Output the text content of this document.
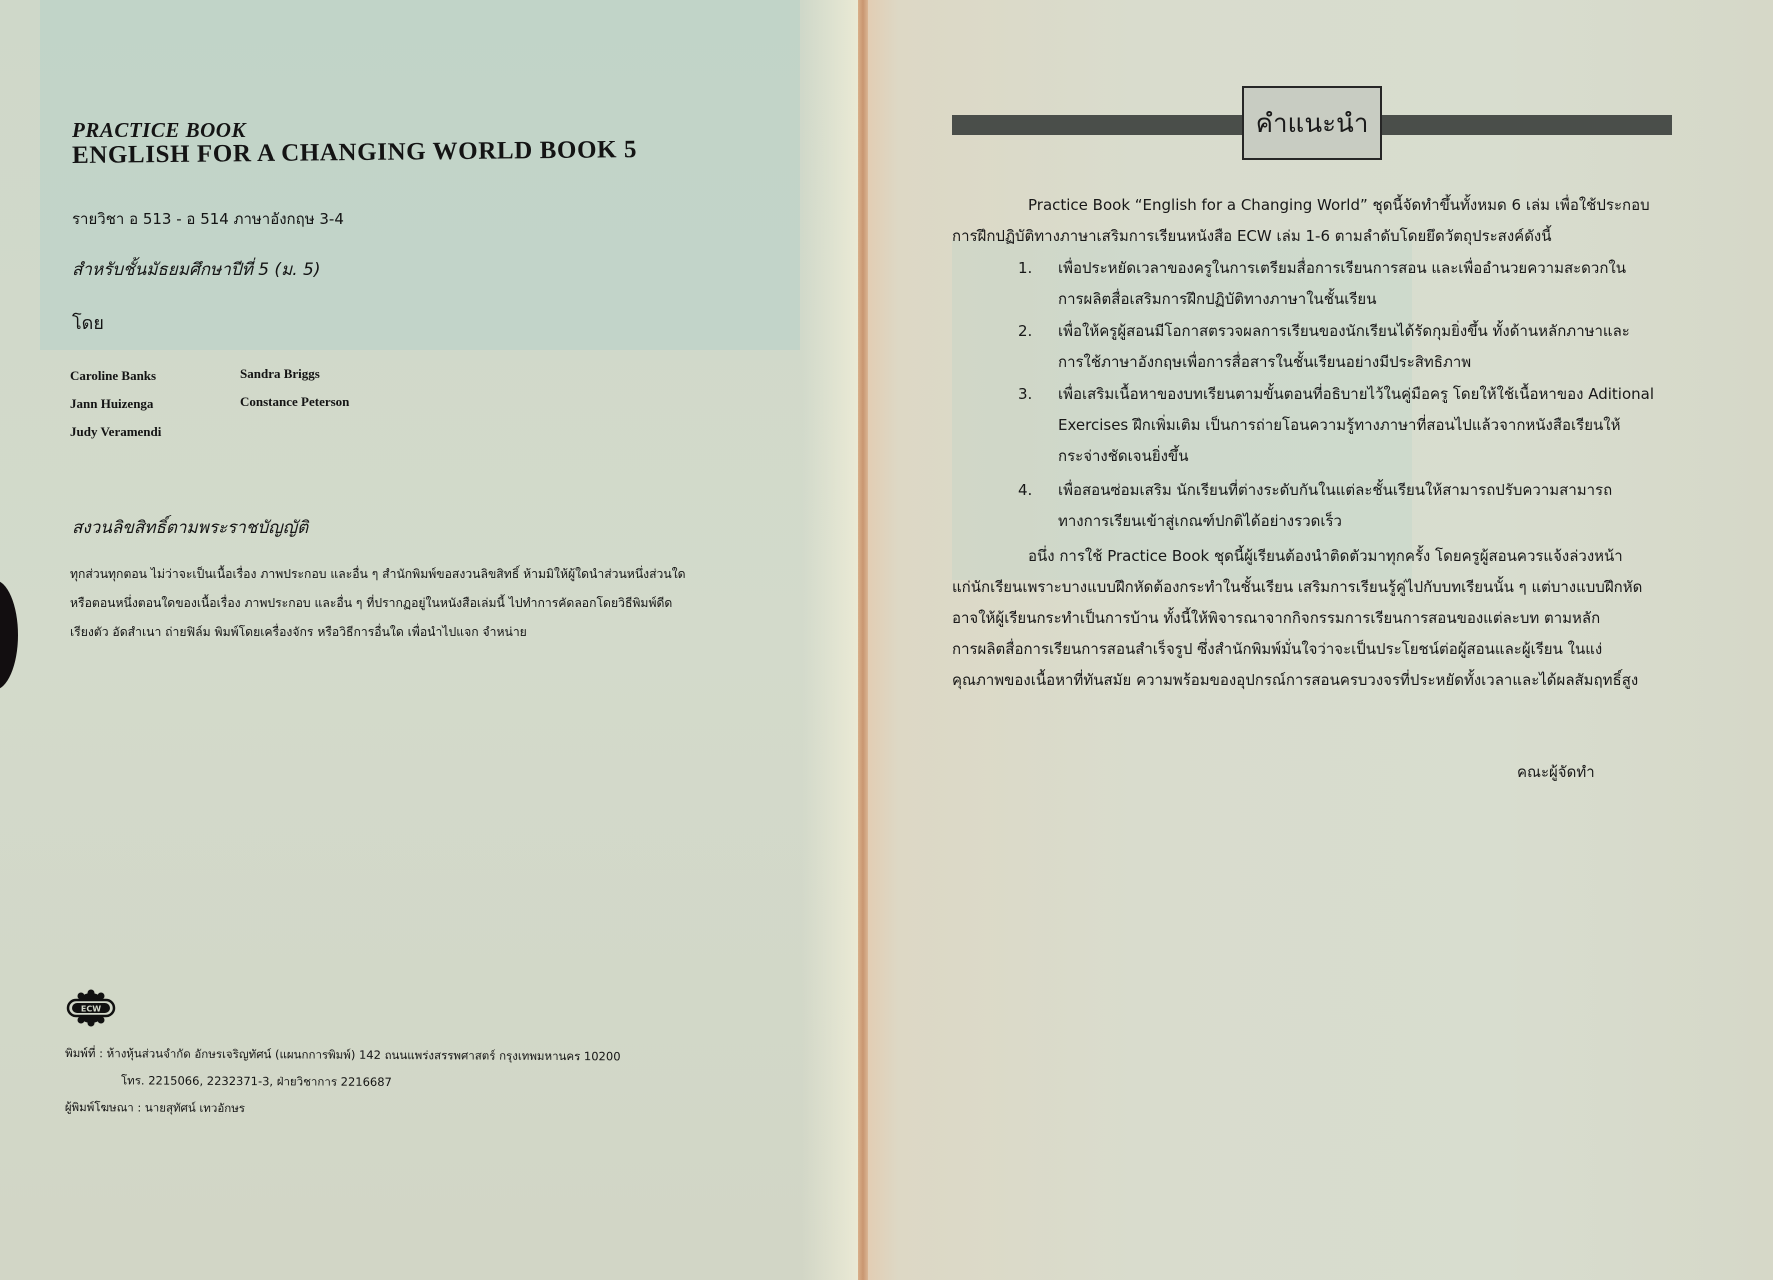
PRACTICE BOOK
ENGLISH FOR A CHANGING WORLD BOOK 5
รายวิชา อ 513 - อ 514 ภาษาอังกฤษ 3-4
สำหรับชั้นมัธยมศึกษาปีที่ 5 (ม. 5)
โดย
Caroline Banks
Jann Huizenga
Judy Veramendi
Sandra Briggs
Constance Peterson
สงวนลิขสิทธิ์ตามพระราชบัญญัติ
ทุกส่วนทุกตอน ไม่ว่าจะเป็นเนื้อเรื่อง ภาพประกอบ และอื่น ๆ สำนักพิมพ์ขอสงวนลิขสิทธิ์ ห้ามมิให้ผู้ใดนำส่วนหนึ่งส่วนใด
หรือตอนหนึ่งตอนใดของเนื้อเรื่อง ภาพประกอบ และอื่น ๆ ที่ปรากฏอยู่ในหนังสือเล่มนี้ ไปทำการคัดลอกโดยวิธีพิมพ์ดีด
เรียงตัว อัดสำเนา ถ่ายฟิล์ม พิมพ์โดยเครื่องจักร หรือวิธีการอื่นใด เพื่อนำไปแจก จำหน่าย
ECW
พิมพ์ที่ : ห้างหุ้นส่วนจำกัด อักษรเจริญทัศน์ (แผนกการพิมพ์) 142 ถนนแพร่งสรรพศาสตร์ กรุงเทพมหานคร 10200
โทร. 2215066, 2232371-3, ฝ่ายวิชาการ 2216687
ผู้พิมพ์โฆษณา : นายสุทัศน์ เทวอักษร
คำแนะนำ
Practice Book “English for a Changing World” ชุดนี้จัดทำขึ้นทั้งหมด 6 เล่ม เพื่อใช้ประกอบ
การฝึกปฏิบัติทางภาษาเสริมการเรียนหนังสือ ECW เล่ม 1-6 ตามลำดับโดยยึดวัตถุประสงค์ดังนี้
1.	เพื่อประหยัดเวลาของครูในการเตรียมสื่อการเรียนการสอน และเพื่ออำนวยความสะดวกใน
การผลิตสื่อเสริมการฝึกปฏิบัติทางภาษาในชั้นเรียน
2.	เพื่อให้ครูผู้สอนมีโอกาสตรวจผลการเรียนของนักเรียนได้รัดกุมยิ่งขึ้น ทั้งด้านหลักภาษาและ
การใช้ภาษาอังกฤษเพื่อการสื่อสารในชั้นเรียนอย่างมีประสิทธิภาพ
3.	เพื่อเสริมเนื้อหาของบทเรียนตามขั้นตอนที่อธิบายไว้ในคู่มือครู โดยให้ใช้เนื้อหาของ Aditional
Exercises ฝึกเพิ่มเติม เป็นการถ่ายโอนความรู้ทางภาษาที่สอนไปแล้วจากหนังสือเรียนให้
กระจ่างชัดเจนยิ่งขึ้น
4.	เพื่อสอนซ่อมเสริม นักเรียนที่ต่างระดับกันในแต่ละชั้นเรียนให้สามารถปรับความสามารถ
ทางการเรียนเข้าสู่เกณฑ์ปกติได้อย่างรวดเร็ว
อนึ่ง การใช้ Practice Book ชุดนี้ผู้เรียนต้องนำติดตัวมาทุกครั้ง โดยครูผู้สอนควรแจ้งล่วงหน้า
แก่นักเรียนเพราะบางแบบฝึกหัดต้องกระทำในชั้นเรียน เสริมการเรียนรู้คู่ไปกับบทเรียนนั้น ๆ แต่บางแบบฝึกหัด
อาจให้ผู้เรียนกระทำเป็นการบ้าน ทั้งนี้ให้พิจารณาจากกิจกรรมการเรียนการสอนของแต่ละบท ตามหลัก
การผลิตสื่อการเรียนการสอนสำเร็จรูป ซึ่งสำนักพิมพ์มั่นใจว่าจะเป็นประโยชน์ต่อผู้สอนและผู้เรียน ในแง่
คุณภาพของเนื้อหาที่ทันสมัย ความพร้อมของอุปกรณ์การสอนครบวงจรที่ประหยัดทั้งเวลาและได้ผลสัมฤทธิ์สูง
คณะผู้จัดทำ
